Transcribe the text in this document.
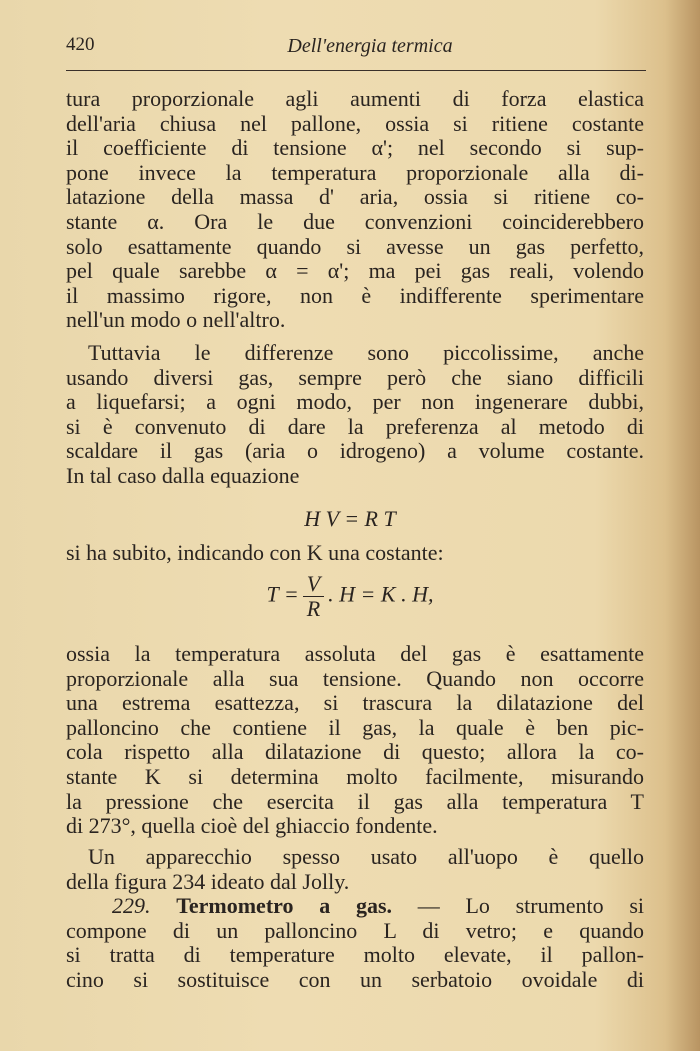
420	Dell'energia termica
tura proporzionale agli aumenti di forza elastica
dell'aria chiusa nel pallone, ossia si ritiene costante
il coefficiente di tensione α'; nel secondo si sup-
pone invece la temperatura proporzionale alla di-
latazione della massa d' aria, ossia si ritiene co-
stante α. Ora le due convenzioni coinciderebbero
solo esattamente quando si avesse un gas perfetto,
pel quale sarebbe α = α'; ma pei gas reali, volendo
il massimo rigore, non è indifferente sperimentare
nell'un modo o nell'altro.
Tuttavia le differenze sono piccolissime, anche
usando diversi gas, sempre però che siano difficili
a liquefarsi; a ogni modo, per non ingenerare dubbi,
si è convenuto di dare la preferenza al metodo di
scaldare il gas (aria o idrogeno) a volume costante.
In tal caso dalla equazione
H V = R T
si ha subito, indicando con K una costante:
$T = \frac{V}{R}$ . H = K . H,
ossia la temperatura assoluta del gas è esattamente
proporzionale alla sua tensione. Quando non occorre
una estrema esattezza, si trascura la dilatazione del
palloncino che contiene il gas, la quale è ben pic-
cola rispetto alla dilatazione di questo; allora la co-
stante K si determina molto facilmente, misurando
la pressione che esercita il gas alla temperatura T
di 273°, quella cioè del ghiaccio fondente.
Un apparecchio spesso usato all'uopo è quello
della figura 234 ideato dal Jolly.
229. Termometro a gas. — Lo strumento si
compone di un palloncino L di vetro; e quando
si tratta di temperature molto elevate, il pallon-
cino si sostituisce con un serbatoio ovoidale di
